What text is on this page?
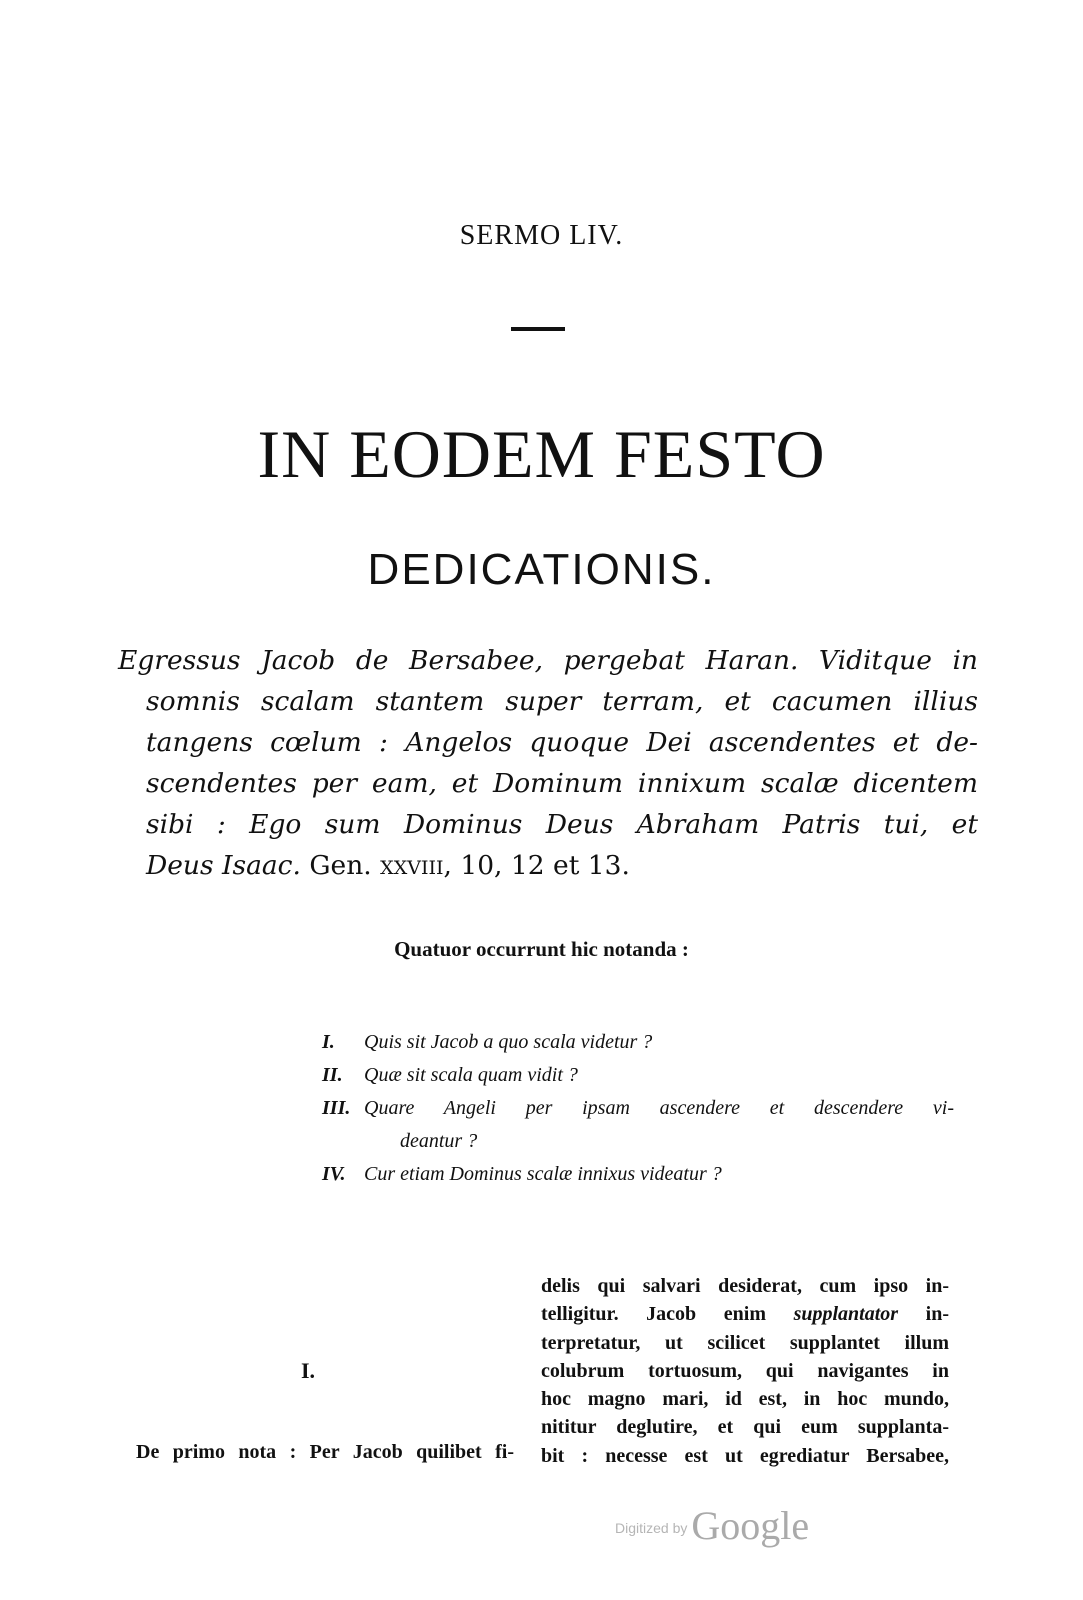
SERMO LIV.
IN EODEM FESTO
DEDICATIONIS.
Egressus Jacob de Bersabee, pergebat Haran. Viditque in
somnis scalam stantem super terram, et cacumen illius
tangens cœlum : Angelos quoque Dei ascendentes et de-
scendentes per eam, et Dominum innixum scalæ dicentem
sibi : Ego sum Dominus Deus Abraham Patris tui, et
Deus Isaac. Gen. xxviii, 10, 12 et 13.
Quatuor occurrunt hic notanda :
I. Quis sit Jacob a quo scala videtur ?
II. Quæ sit scala quam vidit ?
III. Quare Angeli per ipsam ascendere et descendere vi-
deantur ?
IV. Cur etiam Dominus scalæ innixus videatur ?
delis qui salvari desiderat, cum ipso in-
telligitur. Jacob enim supplantator in-
terpretatur, ut scilicet supplantet illum
colubrum tortuosum, qui navigantes in
hoc magno mari, id est, in hoc mundo,
nititur deglutire, et qui eum supplanta-
bit : necesse est ut egrediatur Bersabee,
I.
De primo nota : Per Jacob quilibet fi-
Digitized by Google
